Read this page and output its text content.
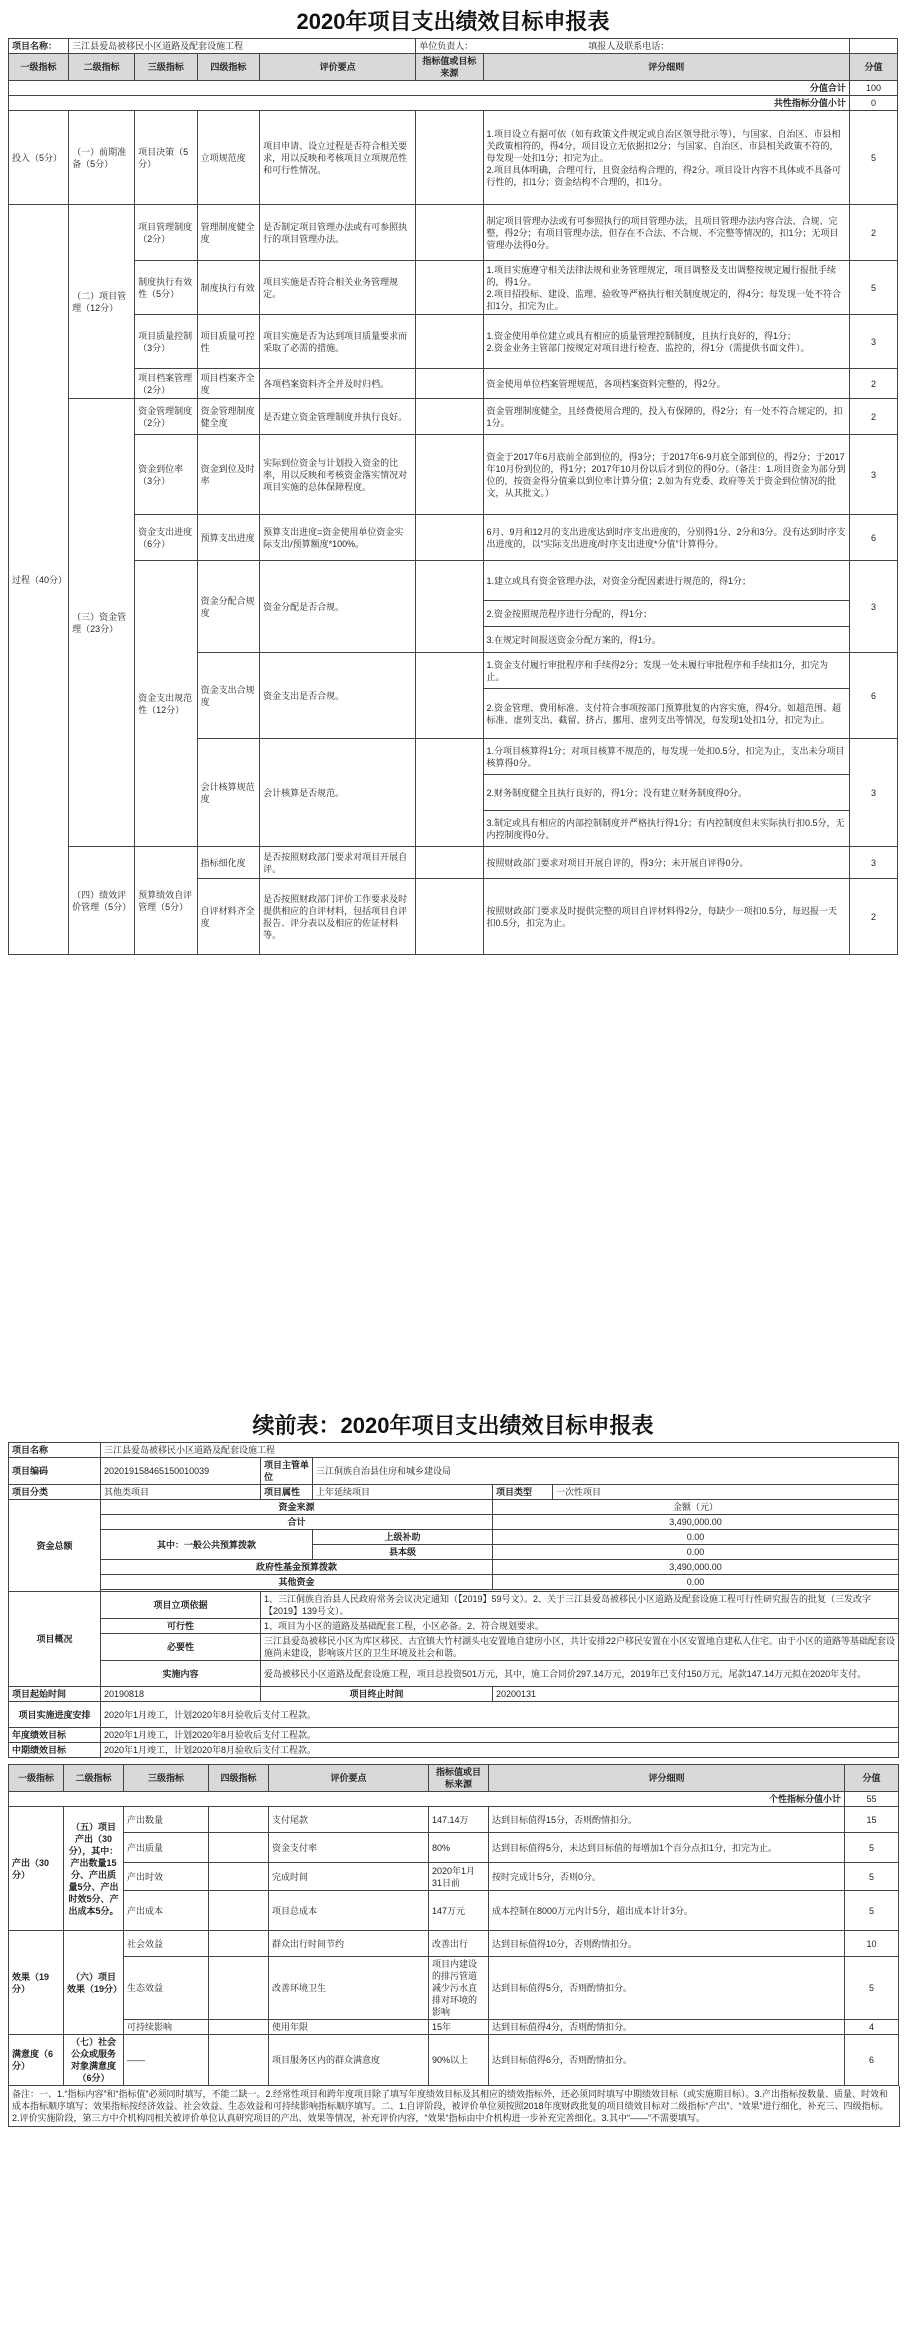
2020年项目支出绩效目标申报表
项目名称：	三江县爱岛被移民小区道路及配套设施工程				单位负责人： 填报人及联系电话：		
一级指标	二级指标	三级指标	四级指标	评价要点	指标值或目标来源	评分细则	分值
分值合计							100
共性指标分值小计							0
投入（5分）	（一）前期准备（5分）	项目决策（5分）	立项规范度	项目申请、设立过程是否符合相关要求，用以反映和考核项目立项规范性和可行性情况。		1.项目设立有据可依（如有政策文件规定或自治区领导批示等），与国家、自治区、市县相关政策相符的，得4分，项目设立无依据扣2分；与国家、自治区、市县相关政策不符的，每发现一处扣1分；扣完为止。
2.项目具体明确，合理可行，且资金结构合理的，得2分。项目设计内容不具体或不具备可行性的，扣1分；资金结构不合理的，扣1分。	5
过程（40分）	（二）项目管理（12分）	项目管理制度（2分）	管理制度健全度	是否制定项目管理办法或有可参照执行的项目管理办法。		制定项目管理办法或有可参照执行的项目管理办法，且项目管理办法内容合法、合规、完整，得2分；有项目管理办法，但存在不合法、不合规、不完整等情况的，扣1分；无项目管理办法得0分。	2
		制度执行有效性（5分）	制度执行有效	项目实施是否符合相关业务管理规定。		1.项目实施遵守相关法律法规和业务管理规定，项目调整及支出调整按规定履行报批手续的，得1分。
2.项目招投标、建设、监理、验收等严格执行相关制度规定的，得4分；每发现一处不符合扣1分，扣完为止。	5
		项目质量控制（3分）	项目质量可控性	项目实施是否为达到项目质量要求而采取了必需的措施。		1.资金使用单位建立或具有相应的质量管理控制制度，且执行良好的，得1分；
2.资金业务主管部门按规定对项目进行检查、监控的，得1分（需提供书面文件）。	3
		项目档案管理（2分）	项目档案齐全度	各项档案资料齐全并及时归档。		资金使用单位档案管理规范，各项档案资料完整的，得2分。	2
	（三）资金管理（23分）	资金管理制度（2分）	资金管理制度健全度	是否建立资金管理制度并执行良好。		资金管理制度健全，且经费使用合理的，投入有保障的，得2分；有一处不符合规定的，扣1分。	2
		资金到位率（3分）	资金到位及时率	实际到位资金与计划投入资金的比率，用以反映和考核资金落实情况对项目实施的总体保障程度。		资金于2017年6月底前全部到位的，得3分；于2017年6-9月底全部到位的，得2分；于2017年10月份到位的，得1分；2017年10月份以后才到位的得0分。（备注：1.项目资金为部分到位的，按资金得分值乘以到位率计算分值；2.如为有党委、政府等关于资金到位情况的批文，从其批文。）	3
		资金支出进度（6分）	预算支出进度	预算支出进度=资金使用单位资金实际支出/预算额度*100%。		6月、9月和12月的支出进度达到时序支出进度的，分别得1分、2分和3分。没有达到时序支出进度的，以“实际支出进度/时序支出进度*分值”计算得分。	6
		资金支出规范性（12分）	资金分配合规度	资金分配是否合规。		1.建立或具有资金管理办法，对资金分配因素进行规范的，得1分；	3
						2.资金按照规范程序进行分配的，得1分；	
						3.在规定时间报送资金分配方案的，得1分。	
			资金支出合规度	资金支出是否合规。		1.资金支付履行审批程序和手续得2分；发现一处未履行审批程序和手续扣1分，扣完为止。	6
						2.资金管理、费用标准、支付符合事项按部门预算批复的内容实施，得4分。如超范围、超标准、虚列支出、截留、挤占、挪用、虚列支出等情况，每发现1处扣1分，扣完为止。	
			会计核算规范度	会计核算是否规范。		1.分项目核算得1分；对项目核算不规范的，每发现一处扣0.5分，扣完为止，支出未分项目核算得0分。	3
						2.财务制度健全且执行良好的，得1分；没有建立财务制度得0分。	
						3.制定或具有相应的内部控制制度并严格执行得1分；有内控制度但未实际执行扣0.5分，无内控制度得0分。	
	（四）绩效评价管理（5分）	预算绩效自评管理（5分）	指标细化度	是否按照财政部门要求对项目开展自评。		按照财政部门要求对项目开展自评的，得3分；未开展自评得0分。	3
			自评材料齐全度	是否按照财政部门评价工作要求及时提供相应的自评材料，包括项目自评报告、评分表以及相应的佐证材料等。		按照财政部门要求及时提供完整的项目自评材料得2分，每缺少一项扣0.5分，每迟报一天扣0.5分，扣完为止。	2
续前表：2020年项目支出绩效目标申报表
项目名称	三江县爱岛被移民小区道路及配套设施工程				
项目编码	202019158465150010039	项目主管单位	三江侗族自治县住房和城乡建设局		
项目分类	其他类项目	项目属性	上年延续项目	项目类型	一次性项目
资金总额	资金来源			金额（元）	
	合计			3,490,000.00	
	其中：一般公共预算拨款		上级补助	0.00	
			县本级	0.00	
	政府性基金预算拨款			3,490,000.00	
	其他资金			0.00	

项目概况	项目立项依据	1、三江侗族自治县人民政府常务会议决定通知（【2019】59号文）。2、关于三江县爱岛被移民小区道路及配套设施工程可行性研究报告的批复（三发改字【2019】139号文）。			
	可行性	1、项目为小区的道路及基础配套工程，小区必备。2、符合规划要求。			
	必要性	三江县爱岛被移民小区为库区移民、古宜镇大竹村湖头屯安置地自建房小区，共计安排22户移民安置在小区安置地自建私人住宅。由于小区的道路等基础配套设施尚未建设，影响该片区的卫生环境及社会和谐。			
	实施内容	爱岛被移民小区道路及配套设施工程，项目总投资501万元，其中，施工合同价297.14万元，2019年已支付150万元，尾款147.14万元拟在2020年支付。			
项目起始时间	20190818	项目终止时间		20200131	
项目实施进度安排	2020年1月竣工，计划2020年8月验收后支付工程款。				
年度绩效目标	2020年1月竣工，计划2020年8月验收后支付工程款。				
中期绩效目标	2020年1月竣工，计划2020年8月验收后支付工程款。				
一级指标	二级指标	三级指标	四级指标	评价要点	指标值或目标来源	评分细则	分值
个性指标分值小计							55
产出（30分）	（五）项目产出（30分），其中：产出数量15分、产出质量5分、产出时效5分、产出成本5分。	产出数量		支付尾款	147.14万	达到目标值得15分，否则酌情扣分。	15
		产出质量		资金支付率	80%	达到目标值得5分，未达到目标值的每增加1个百分点扣1分，扣完为止。	5
		产出时效		完成时间	2020年1月31日前	按时完成计5分，否则0分。	5
		产出成本		项目总成本	147万元	成本控制在8000万元内计5分，超出成本计计3分。	5
效果（19分）	（六）项目效果（19分）	社会效益		群众出行时间节约	改善出行	达到目标值得10分，否则酌情扣分。	10
		生态效益		改善环境卫生	项目内建设的排污管道减少污水直排对环境的影响	达到目标值得5分，否则酌情扣分。	5
		可持续影响		使用年限	15年	达到目标值得4分，否则酌情扣分。	4
满意度（6分）	（七）社会公众或服务对象满意度（6分）	——		项目服务区内的群众满意度	90%以上	达到目标值得6分，否则酌情扣分。	6
备注：一、1.“指标内容”和“指标值”必须同时填写，不能二缺一。2.经常性项目和跨年度项目除了填写年度绩效目标及其相应的绩效指标外，还必须同时填写中期绩效目标（或实施期目标）。3.产出指标按数量、质量、时效和成本指标顺序填写；效果指标按经济效益、社会效益、生态效益和可持续影响指标顺序填写。二、1.自评阶段，被评价单位须按照2018年度财政批复的项目绩效目标对二级指标“产出”、“效果”进行细化，补充三、四级指标。2.评价实施阶段，第三方中介机构同相关被评价单位认真研究项目的产出、效果等情况，补充评价内容，“效果”指标由中介机构进一步补充完善细化。3.其中“——”不需要填写。
